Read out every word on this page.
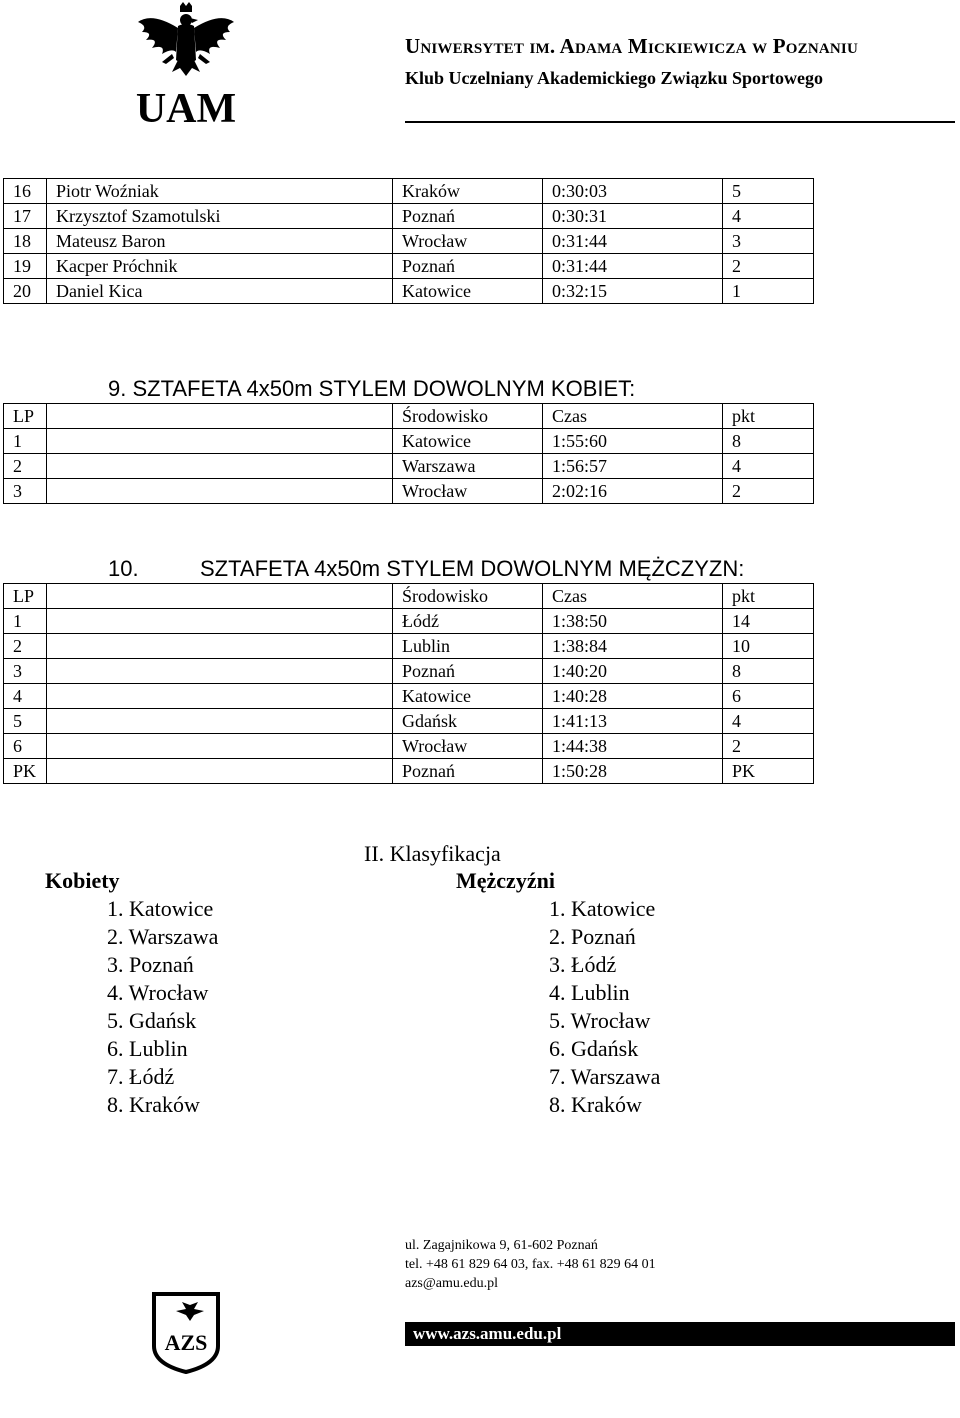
UAM
Uniwersytet im. Adama Mickiewicza w Poznaniu
Klub Uczelniany Akademickiego Związku Sportowego
16	Piotr Woźniak	Kraków	0:30:03	5
17	Krzysztof Szamotulski	Poznań	0:30:31	4
18	Mateusz Baron	Wrocław	0:31:44	3
19	Kacper Próchnik	Poznań	0:31:44	2
20	Daniel Kica	Katowice	0:32:15	1
9. SZTAFETA 4x50m STYLEM DOWOLNYM KOBIET:
LP		Środowisko	Czas	pkt
1		Katowice	1:55:60	8
2		Warszawa	1:56:57	4
3		Wrocław	2:02:16	2
10.	SZTAFETA 4x50m STYLEM DOWOLNYM MĘŻCZYZN:
LP		Środowisko	Czas	pkt
1		Łódź	1:38:50	14
2		Lublin	1:38:84	10
3		Poznań	1:40:20	8
4		Katowice	1:40:28	6
5		Gdańsk	1:41:13	4
6		Wrocław	1:44:38	2
PK		Poznań	1:50:28	PK
II. Klasyfikacja
Kobiety	Mężczyźni
1. Katowice
2. Warszawa
3. Poznań
4. Wrocław
5. Gdańsk
6. Lublin
7. Łódź
8. Kraków
1. Katowice
2. Poznań
3. Łódź
4. Lublin
5. Wrocław
6. Gdańsk
7. Warszawa
8. Kraków
ul. Zagajnikowa 9, 61-602 Poznań
tel. +48 61 829 64 03, fax. +48 61 829 64 01
azs@amu.edu.pl
www.azs.amu.edu.pl
AZS
